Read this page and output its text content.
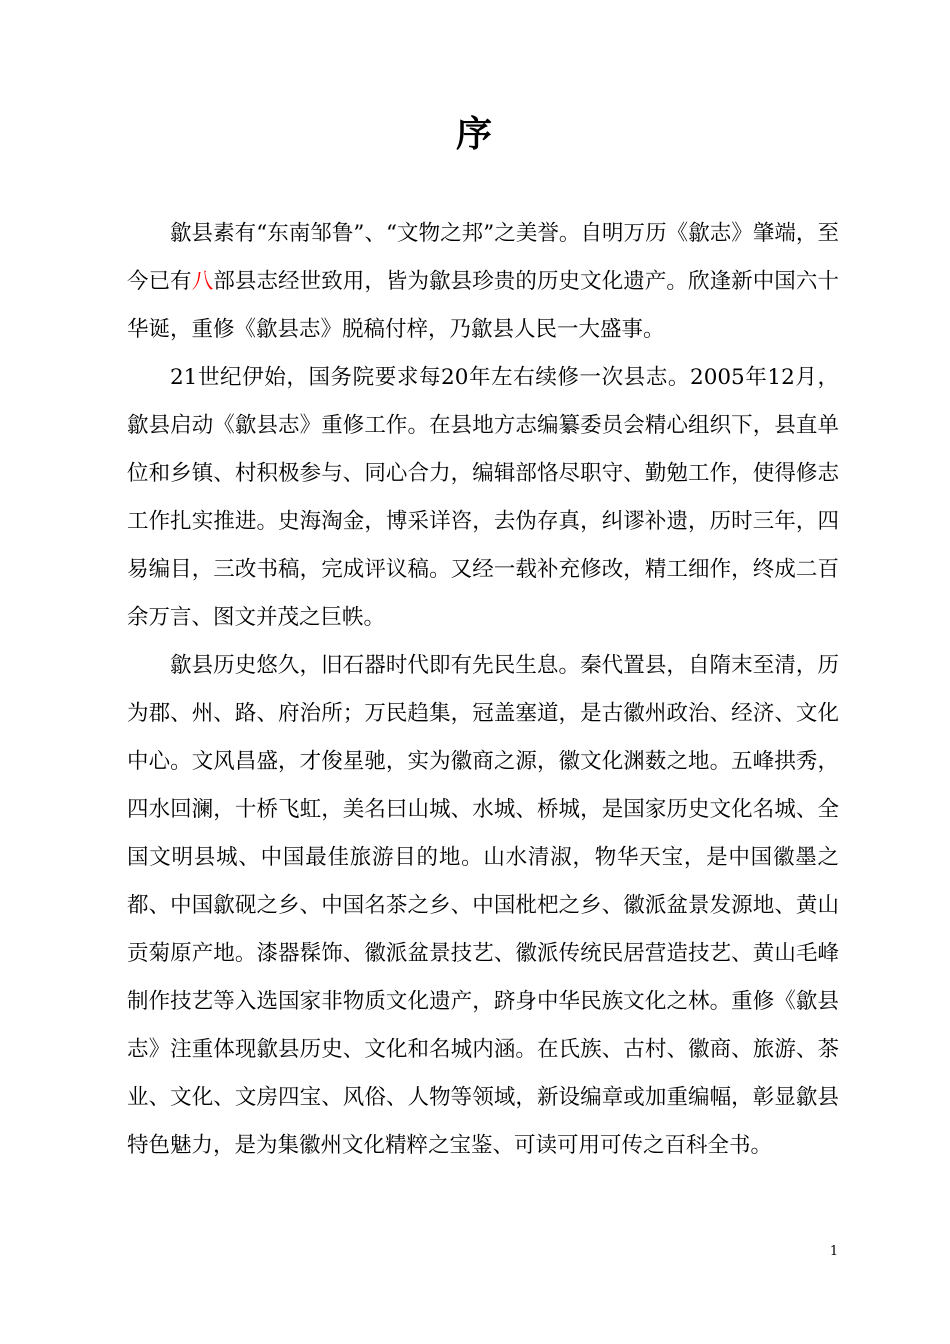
序

歙县素有“东南邹鲁”、“文物之邦”之美誉。自明万历《歙志》肇端，至今已有八部县志经世致用，皆为歙县珍贵的历史文化遗产。欣逢新中国六十华诞，重修《歙县志》脱稿付梓，乃歙县人民一大盛事。

21世纪伊始，国务院要求每20年左右续修一次县志。2005年12月，歙县启动《歙县志》重修工作。在县地方志编纂委员会精心组织下，县直单位和乡镇、村积极参与、同心合力，编辑部恪尽职守、勤勉工作，使得修志工作扎实推进。史海淘金，博采详咨，去伪存真，纠谬补遗，历时三年，四易编目，三改书稿，完成评议稿。又经一载补充修改，精工细作，终成二百余万言、图文并茂之巨帙。

歙县历史悠久，旧石器时代即有先民生息。秦代置县，自隋末至清，历为郡、州、路、府治所；万民趋集，冠盖塞道，是古徽州政治、经济、文化中心。文风昌盛，才俊星驰，实为徽商之源，徽文化渊薮之地。五峰拱秀，四水回澜，十桥飞虹，美名曰山城、水城、桥城，是国家历史文化名城、全国文明县城、中国最佳旅游目的地。山水清淑，物华天宝，是中国徽墨之都、中国歙砚之乡、中国名茶之乡、中国枇杷之乡、徽派盆景发源地、黄山贡菊原产地。漆器髹饰、徽派盆景技艺、徽派传统民居营造技艺、黄山毛峰制作技艺等入选国家非物质文化遗产，跻身中华民族文化之林。重修《歙县志》注重体现歙县历史、文化和名城内涵。在氏族、古村、徽商、旅游、茶业、文化、文房四宝、风俗、人物等领域，新设编章或加重编幅，彰显歙县特色魅力，是为集徽州文化精粹之宝鉴、可读可用可传之百科全书。

1
